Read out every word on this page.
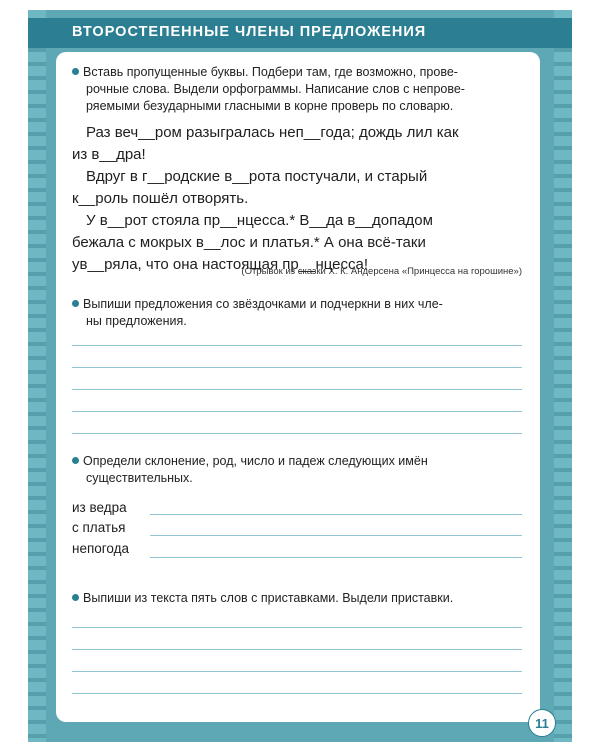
ВТОРОСТЕПЕННЫЕ ЧЛЕНЫ ПРЕДЛОЖЕНИЯ
Вставь пропущенные буквы. Подбери там, где возможно, прове-
рочные слова. Выдели орфограммы. Написание слов с непрове-
ряемыми безударными гласными в корне проверь по словарю.
Раз веч__ром разыгралась неп__года; дождь лил как
из в__дра!
Вдруг в г__родские в__рота постучали, и старый
к__роль пошёл отворять.
У в__рот стояла пр__нцесса.* В__да в__допадом
бежала с мокрых в__лос и платья.* А она всё-таки
ув__ряла, что она настоящая пр__нцесса!
(Отрывок из сказки Х. К. Андерсена «Принцесса на горошине»)
Выпиши предложения со звёздочками и подчеркни в них чле-
ны предложения.
Определи склонение, род, число и падеж следующих имён
существительных.
из ведра
с платья
непогода
Выпиши из текста пять слов с приставками. Выдели приставки.
11
